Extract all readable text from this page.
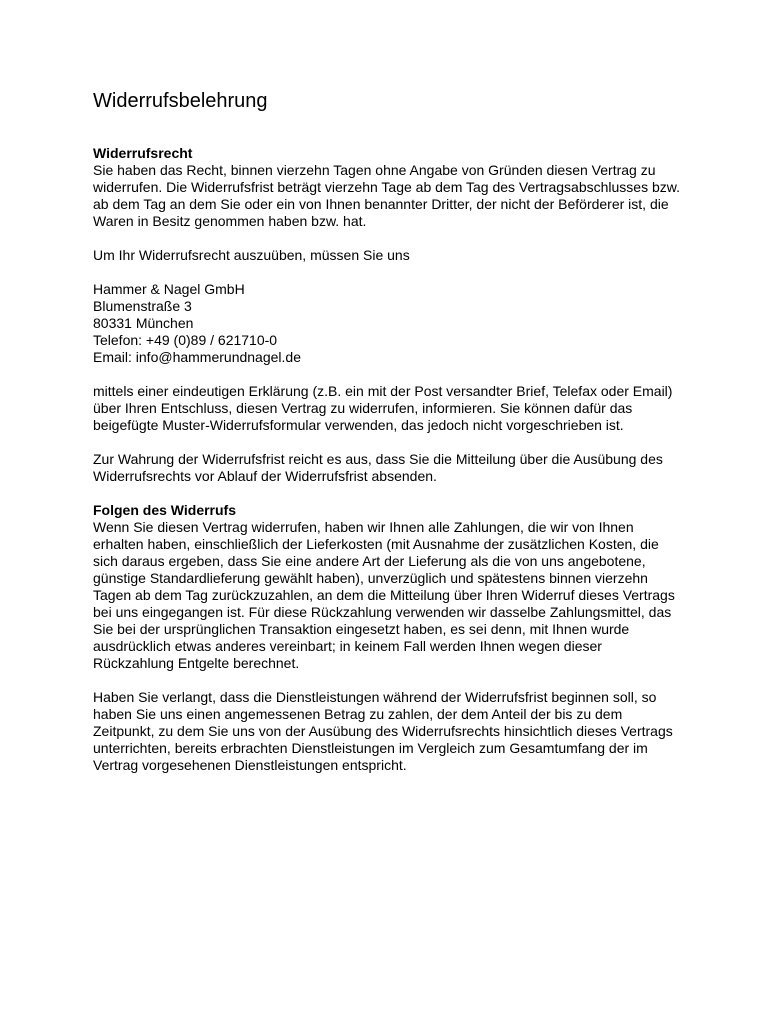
Widerrufsbelehrung
Widerrufsrecht

Sie haben das Recht, binnen vierzehn Tagen ohne Angabe von Gründen diesen Vertrag zu widerrufen. Die Widerrufsfrist beträgt vierzehn Tage ab dem Tag des Vertragsabschlusses bzw. ab dem Tag an dem Sie oder ein von Ihnen benannter Dritter, der nicht der Beförderer ist, die Waren in Besitz genommen haben bzw. hat.

Um Ihr Widerrufsrecht auszuüben, müssen Sie uns

Hammer & Nagel GmbH
Blumenstraße 3
80331 München
Telefon: +49 (0)89 / 621710-0
Email: info@hammerundnagel.de

mittels einer eindeutigen Erklärung (z.B. ein mit der Post versandter Brief, Telefax oder Email) über Ihren Entschluss, diesen Vertrag zu widerrufen, informieren. Sie können dafür das beigefügte Muster-Widerrufsformular verwenden, das jedoch nicht vorgeschrieben ist.

Zur Wahrung der Widerrufsfrist reicht es aus, dass Sie die Mitteilung über die Ausübung des Widerrufsrechts vor Ablauf der Widerrufsfrist absenden.

Folgen des Widerrufs

Wenn Sie diesen Vertrag widerrufen, haben wir Ihnen alle Zahlungen, die wir von Ihnen erhalten haben, einschließlich der Lieferkosten (mit Ausnahme der zusätzlichen Kosten, die sich daraus ergeben, dass Sie eine andere Art der Lieferung als die von uns angebotene, günstige Standardlieferung gewählt haben), unverzüglich und spätestens binnen vierzehn Tagen ab dem Tag zurückzuzahlen, an dem die Mitteilung über Ihren Widerruf dieses Vertrags bei uns eingegangen ist. Für diese Rückzahlung verwenden wir dasselbe Zahlungsmittel, das Sie bei der ursprünglichen Transaktion eingesetzt haben, es sei denn, mit Ihnen wurde ausdrücklich etwas anderes vereinbart; in keinem Fall werden Ihnen wegen dieser Rückzahlung Entgelte berechnet.

Haben Sie verlangt, dass die Dienstleistungen während der Widerrufsfrist beginnen soll, so haben Sie uns einen angemessenen Betrag zu zahlen, der dem Anteil der bis zu dem Zeitpunkt, zu dem Sie uns von der Ausübung des Widerrufsrechts hinsichtlich dieses Vertrags unterrichten, bereits erbrachten Dienstleistungen im Vergleich zum Gesamtumfang der im Vertrag vorgesehenen Dienstleistungen entspricht.
